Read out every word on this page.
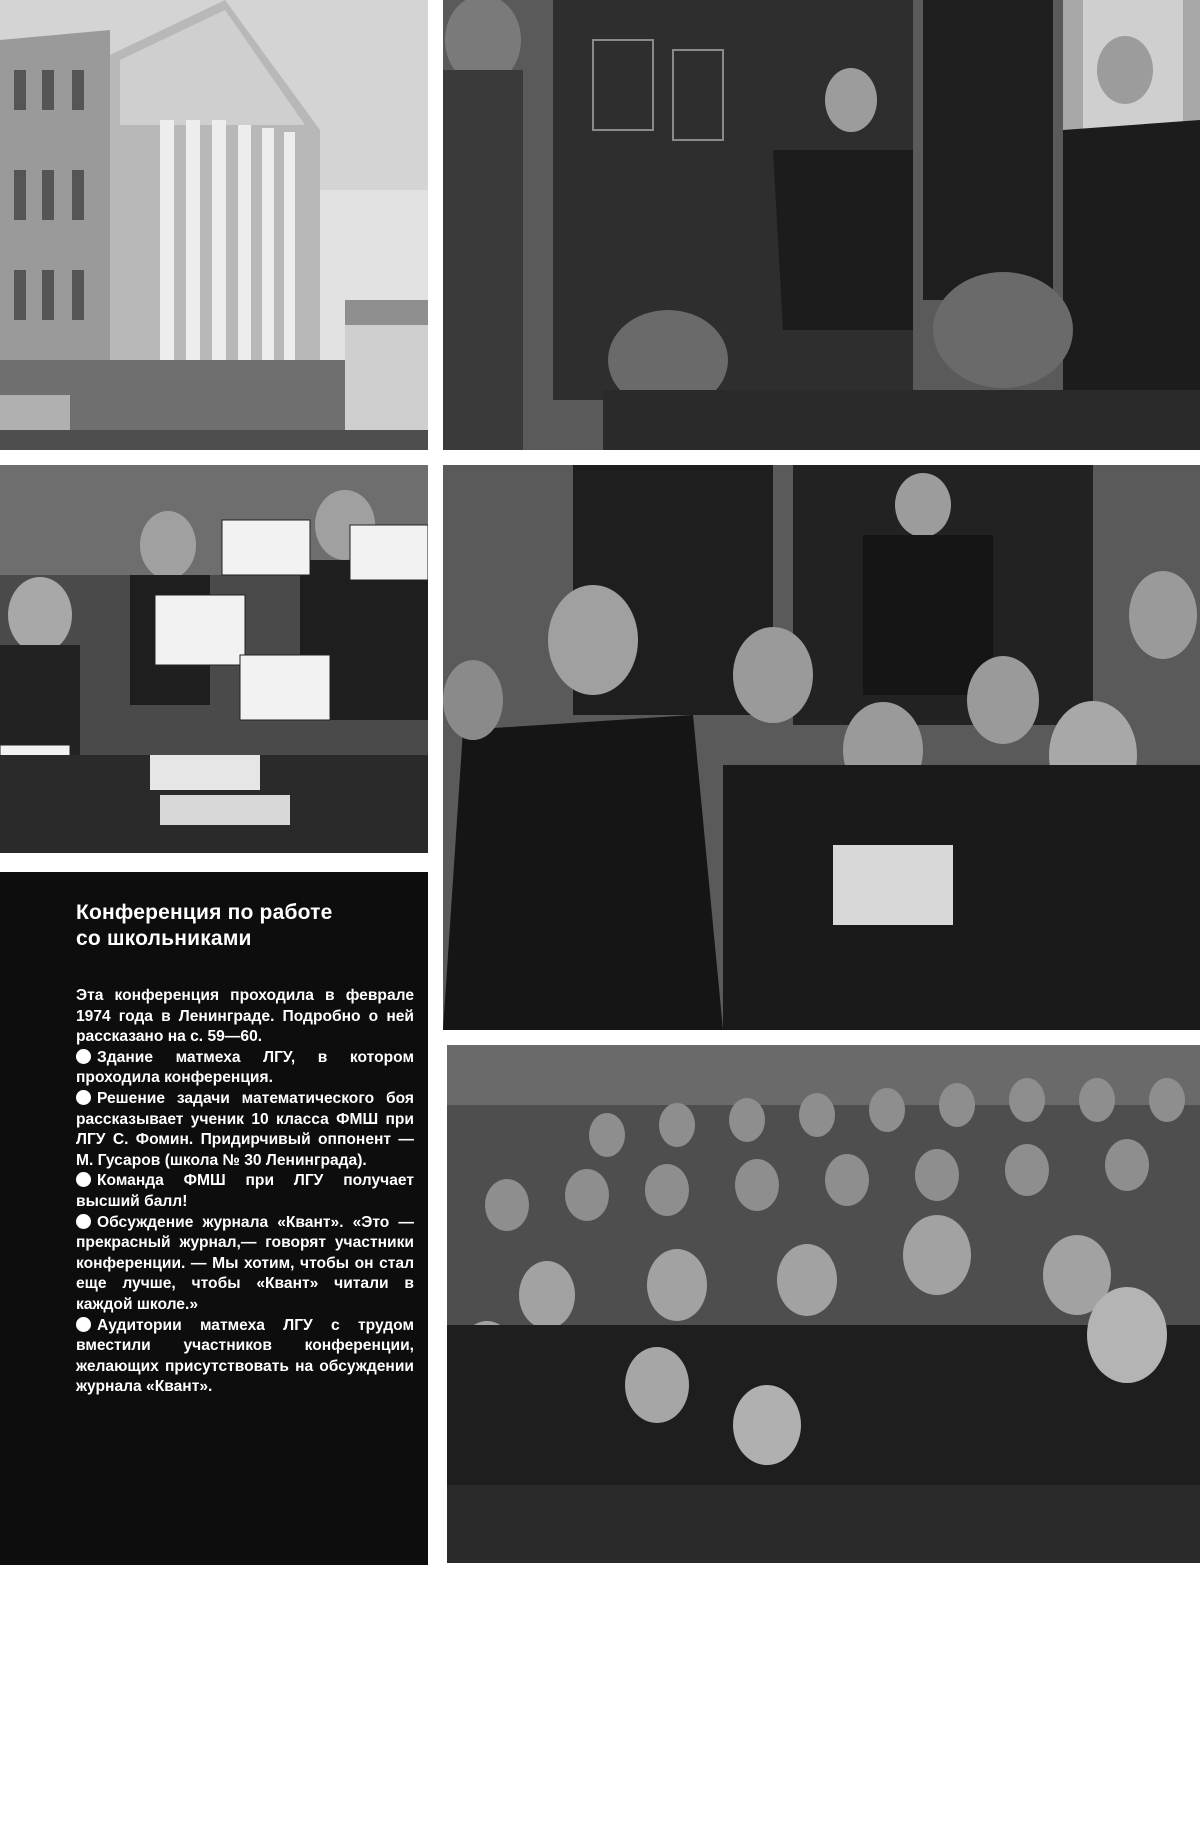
Конференция по работе
со школьниками

Эта конференция проходила в феврале 1974 года в Ленинграде. Подробно о ней рассказано на с. 59—60.

Здание матмеха ЛГУ, в котором проходила конференция.

Решение задачи математического боя рассказывает ученик 10 класса ФМШ при ЛГУ С. Фомин. Придирчивый оппонент — М. Гусаров (школа № 30 Ленинграда).

Команда ФМШ при ЛГУ получает высший балл!

Обсуждение журнала «Квант». «Это — прекрасный журнал,— говорят участники конференции. — Мы хотим, чтобы он стал еще лучше, чтобы «Квант» читали в каждой школе.»

Аудитории матмеха ЛГУ с трудом вместили участников конференции, желающих присутствовать на обсуждении журнала «Квант».
